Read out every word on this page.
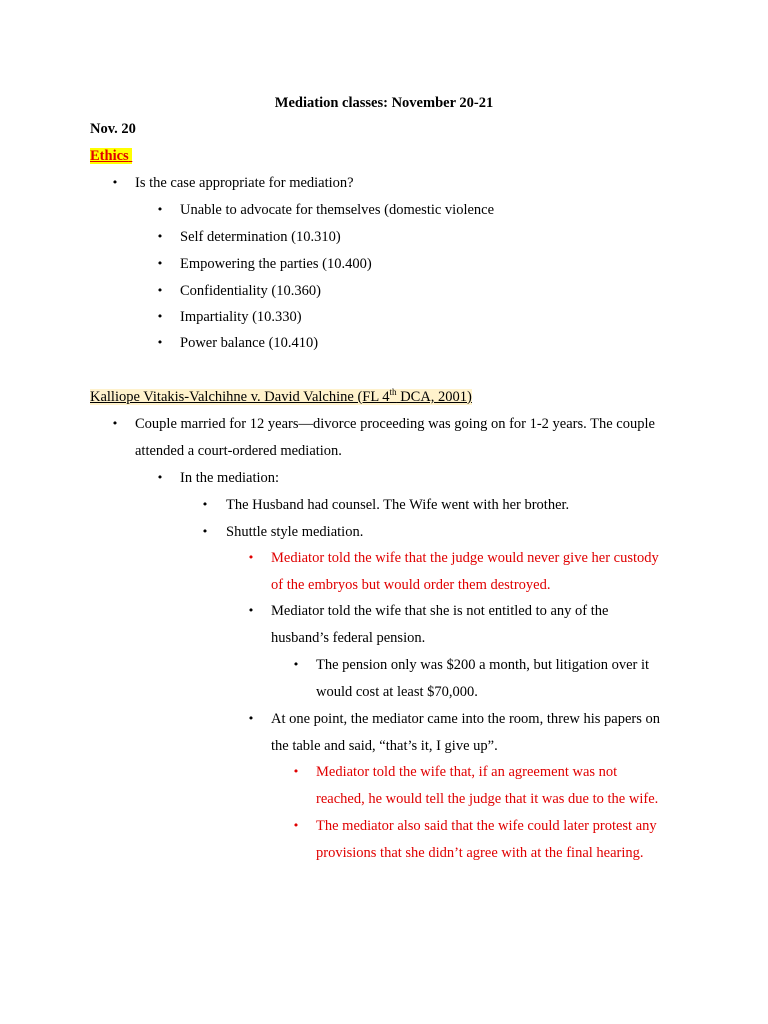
Mediation classes: November 20-21
Nov. 20
Ethics
• Is the case appropriate for mediation?
• Unable to advocate for themselves (domestic violence
• Self determination (10.310)
• Empowering the parties (10.400)
• Confidentiality (10.360)
• Impartiality (10.330)
• Power balance (10.410)
Kalliope Vitakis-Valchihne v. David Valchine (FL 4th DCA, 2001)
• Couple married for 12 years—divorce proceeding was going on for 1-2 years. The couple
attended a court-ordered mediation.
• In the mediation:
• The Husband had counsel. The Wife went with her brother.
• Shuttle style mediation.
• Mediator told the wife that the judge would never give her custody
of the embryos but would order them destroyed.
• Mediator told the wife that she is not entitled to any of the
husband’s federal pension.
• The pension only was $200 a month, but litigation over it
would cost at least $70,000.
• At one point, the mediator came into the room, threw his papers on
the table and said, “that’s it, I give up”.
• Mediator told the wife that, if an agreement was not
reached, he would tell the judge that it was due to the wife.
• The mediator also said that the wife could later protest any
provisions that she didn’t agree with at the final hearing.
